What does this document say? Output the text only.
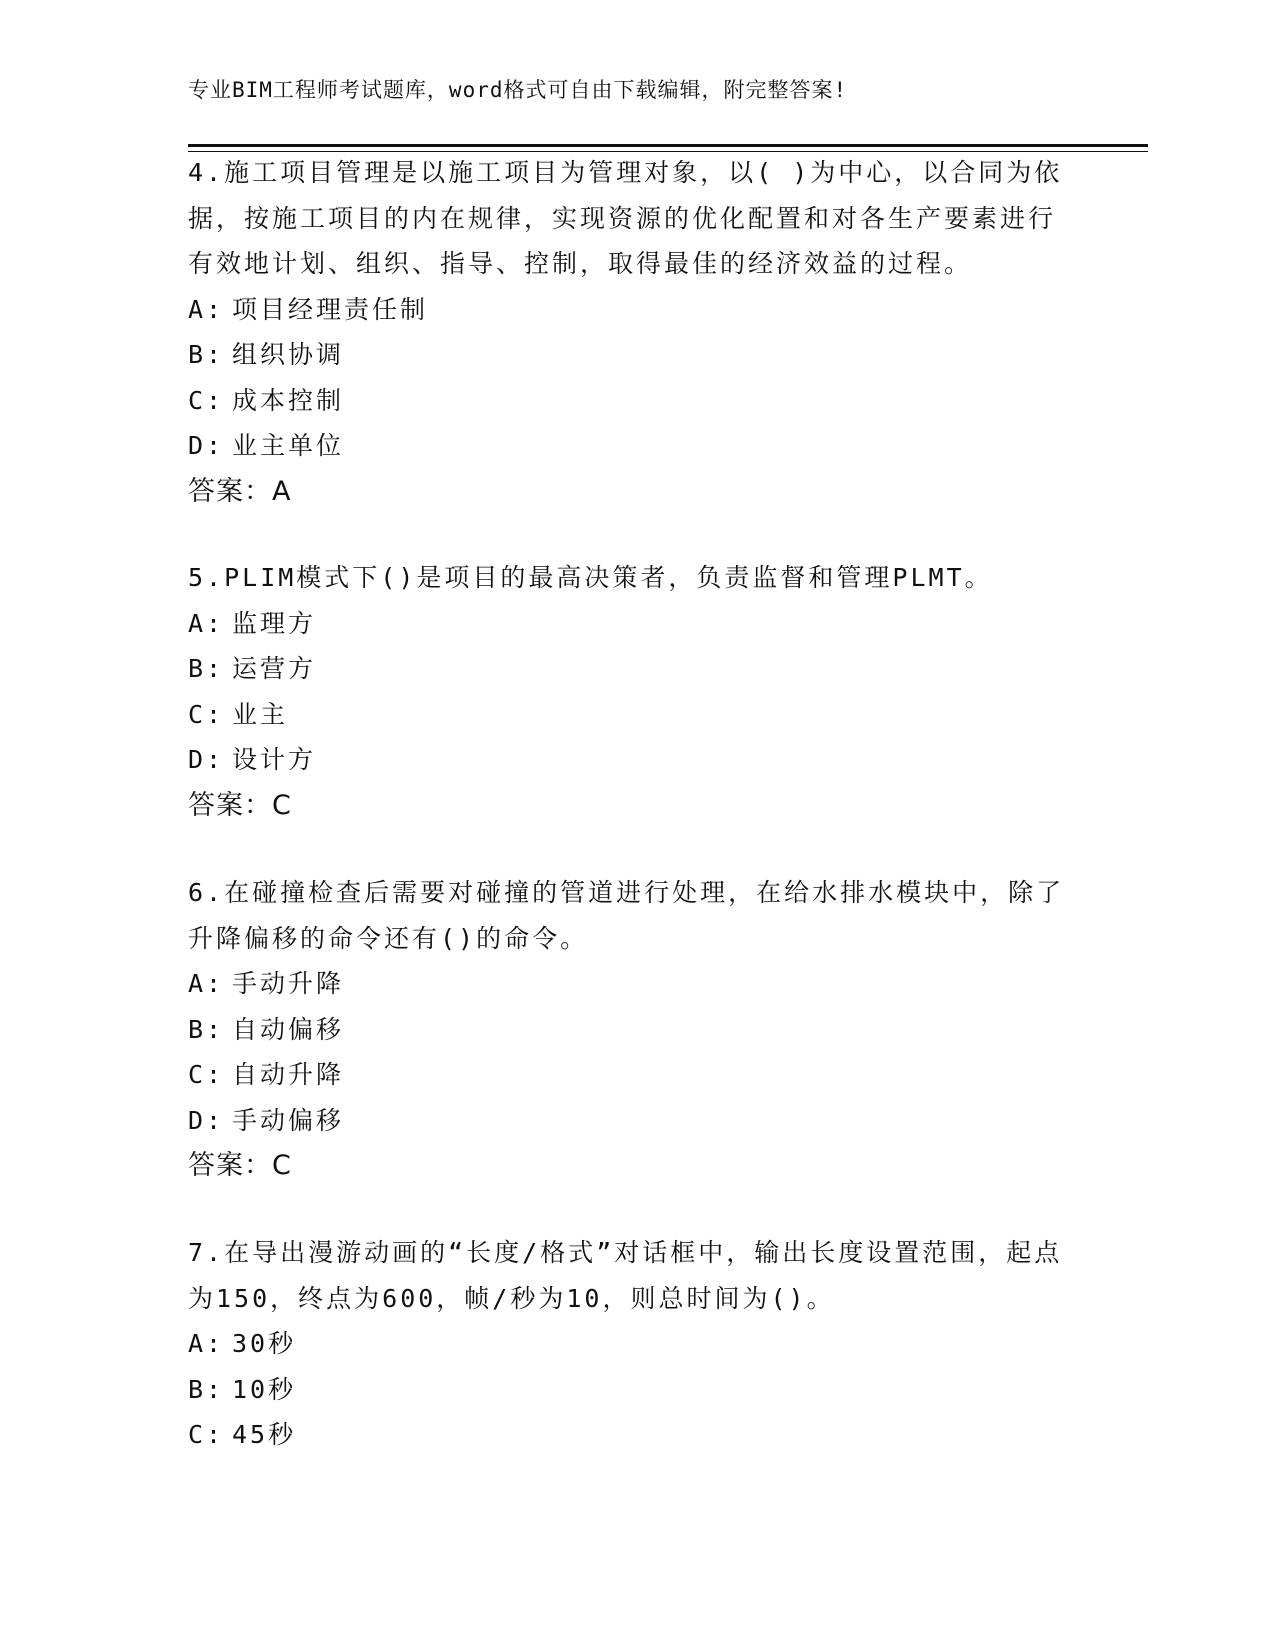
专业BIM工程师考试题库，word格式可自由下载编辑，附完整答案!

4.施工项目管理是以施工项目为管理对象，以( )为中心，以合同为依据，按施工项目的内在规律，实现资源的优化配置和对各生产要素进行有效地计划、组织、指导、控制，取得最佳的经济效益的过程。

A: 项目经理责任制

B: 组织协调

C: 成本控制

D: 业主单位

答案：A

5.PLIM模式下()是项目的最高决策者，负责监督和管理PLMT。

A: 监理方

B: 运营方

C: 业主

D: 设计方

答案：C

6.在碰撞检查后需要对碰撞的管道进行处理，在给水排水模块中，除了升降偏移的命令还有()的命令。

A: 手动升降

B: 自动偏移

C: 自动升降

D: 手动偏移

答案：C

7.在导出漫游动画的“长度/格式”对话框中，输出长度设置范围，起点为150，终点为600，帧/秒为10，则总时间为()。

A: 30秒

B: 10秒

C: 45秒
